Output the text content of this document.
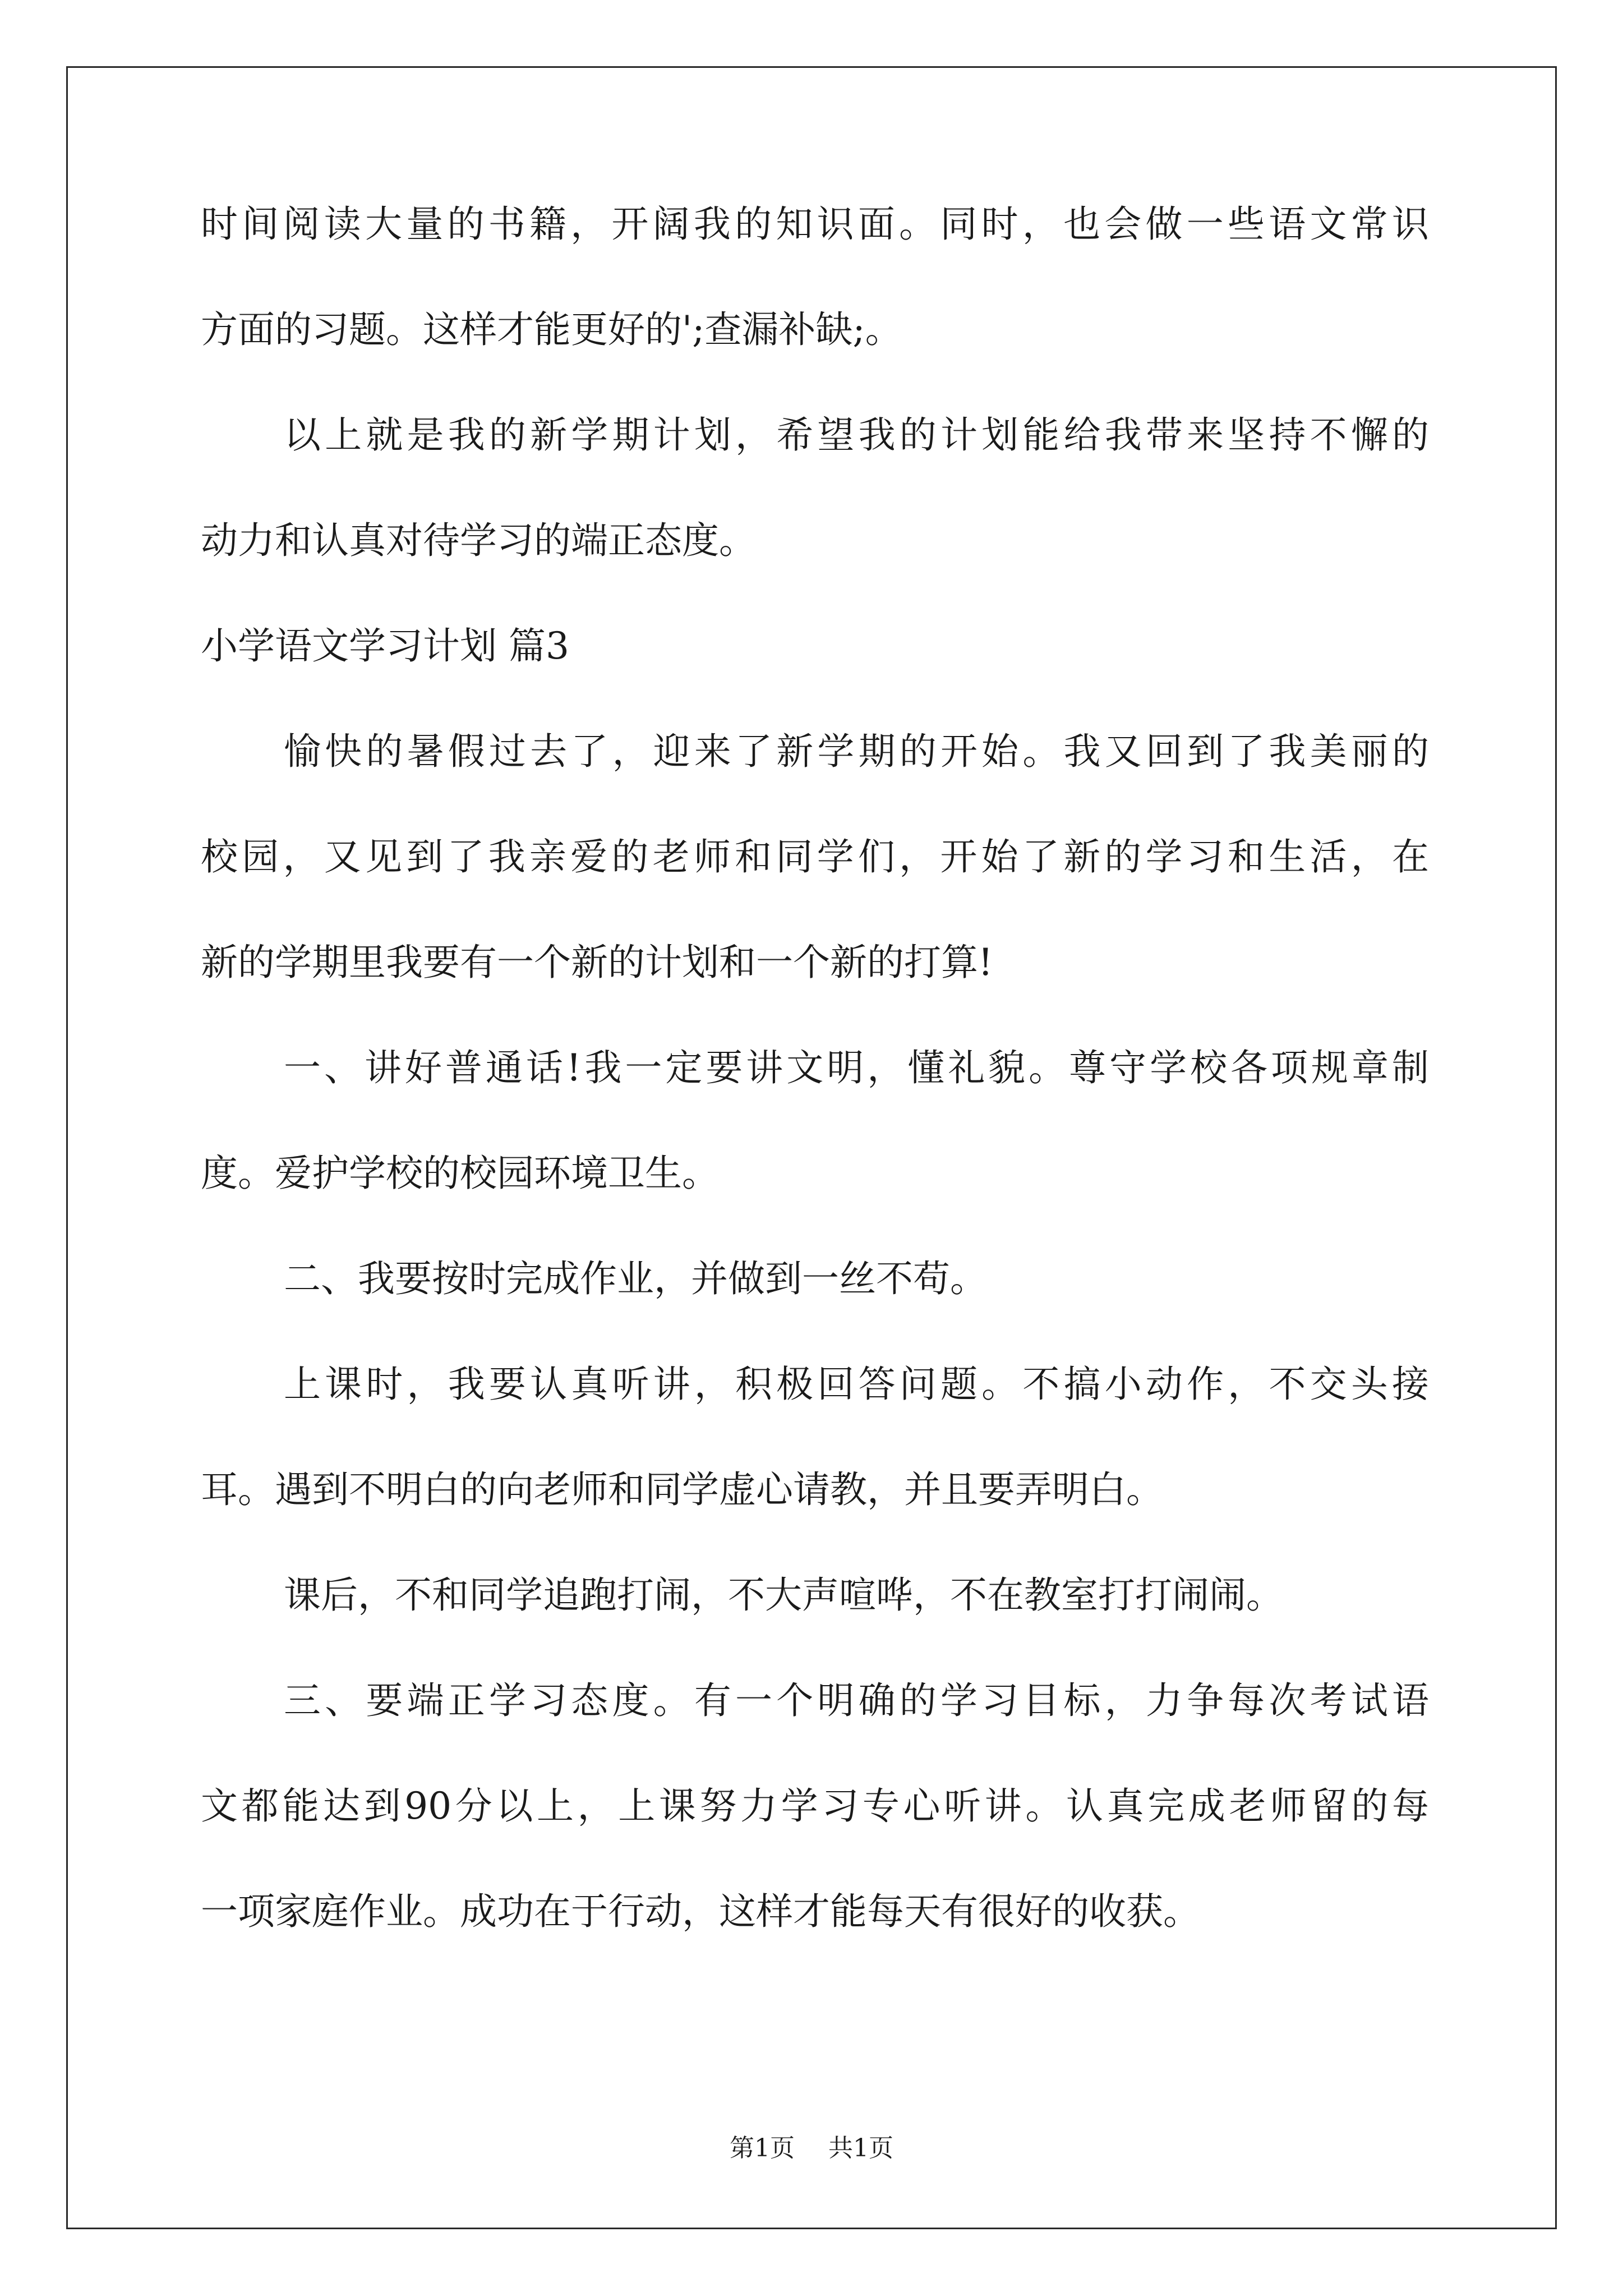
时间阅读大量的书籍，开阔我的知识面。同时，也会做一些语文常识
方面的习题。这样才能更好的';查漏补缺;。
以上就是我的新学期计划，希望我的计划能给我带来坚持不懈的
动力和认真对待学习的端正态度。
小学语文学习计划 篇3
愉快的暑假过去了，迎来了新学期的开始。我又回到了我美丽的
校园，又见到了我亲爱的老师和同学们，开始了新的学习和生活，在
新的学期里我要有一个新的计划和一个新的打算!
一、讲好普通话!我一定要讲文明，懂礼貌。尊守学校各项规章制
度。爱护学校的校园环境卫生。
二、我要按时完成作业，并做到一丝不苟。
上课时，我要认真听讲，积极回答问题。不搞小动作，不交头接
耳。遇到不明白的向老师和同学虚心请教，并且要弄明白。
课后，不和同学追跑打闹，不大声喧哗，不在教室打打闹闹。
三、要端正学习态度。有一个明确的学习目标，力争每次考试语
文都能达到90分以上，上课努力学习专心听讲。认真完成老师留的每
一项家庭作业。成功在于行动，这样才能每天有很好的收获。
第1页 共1页
